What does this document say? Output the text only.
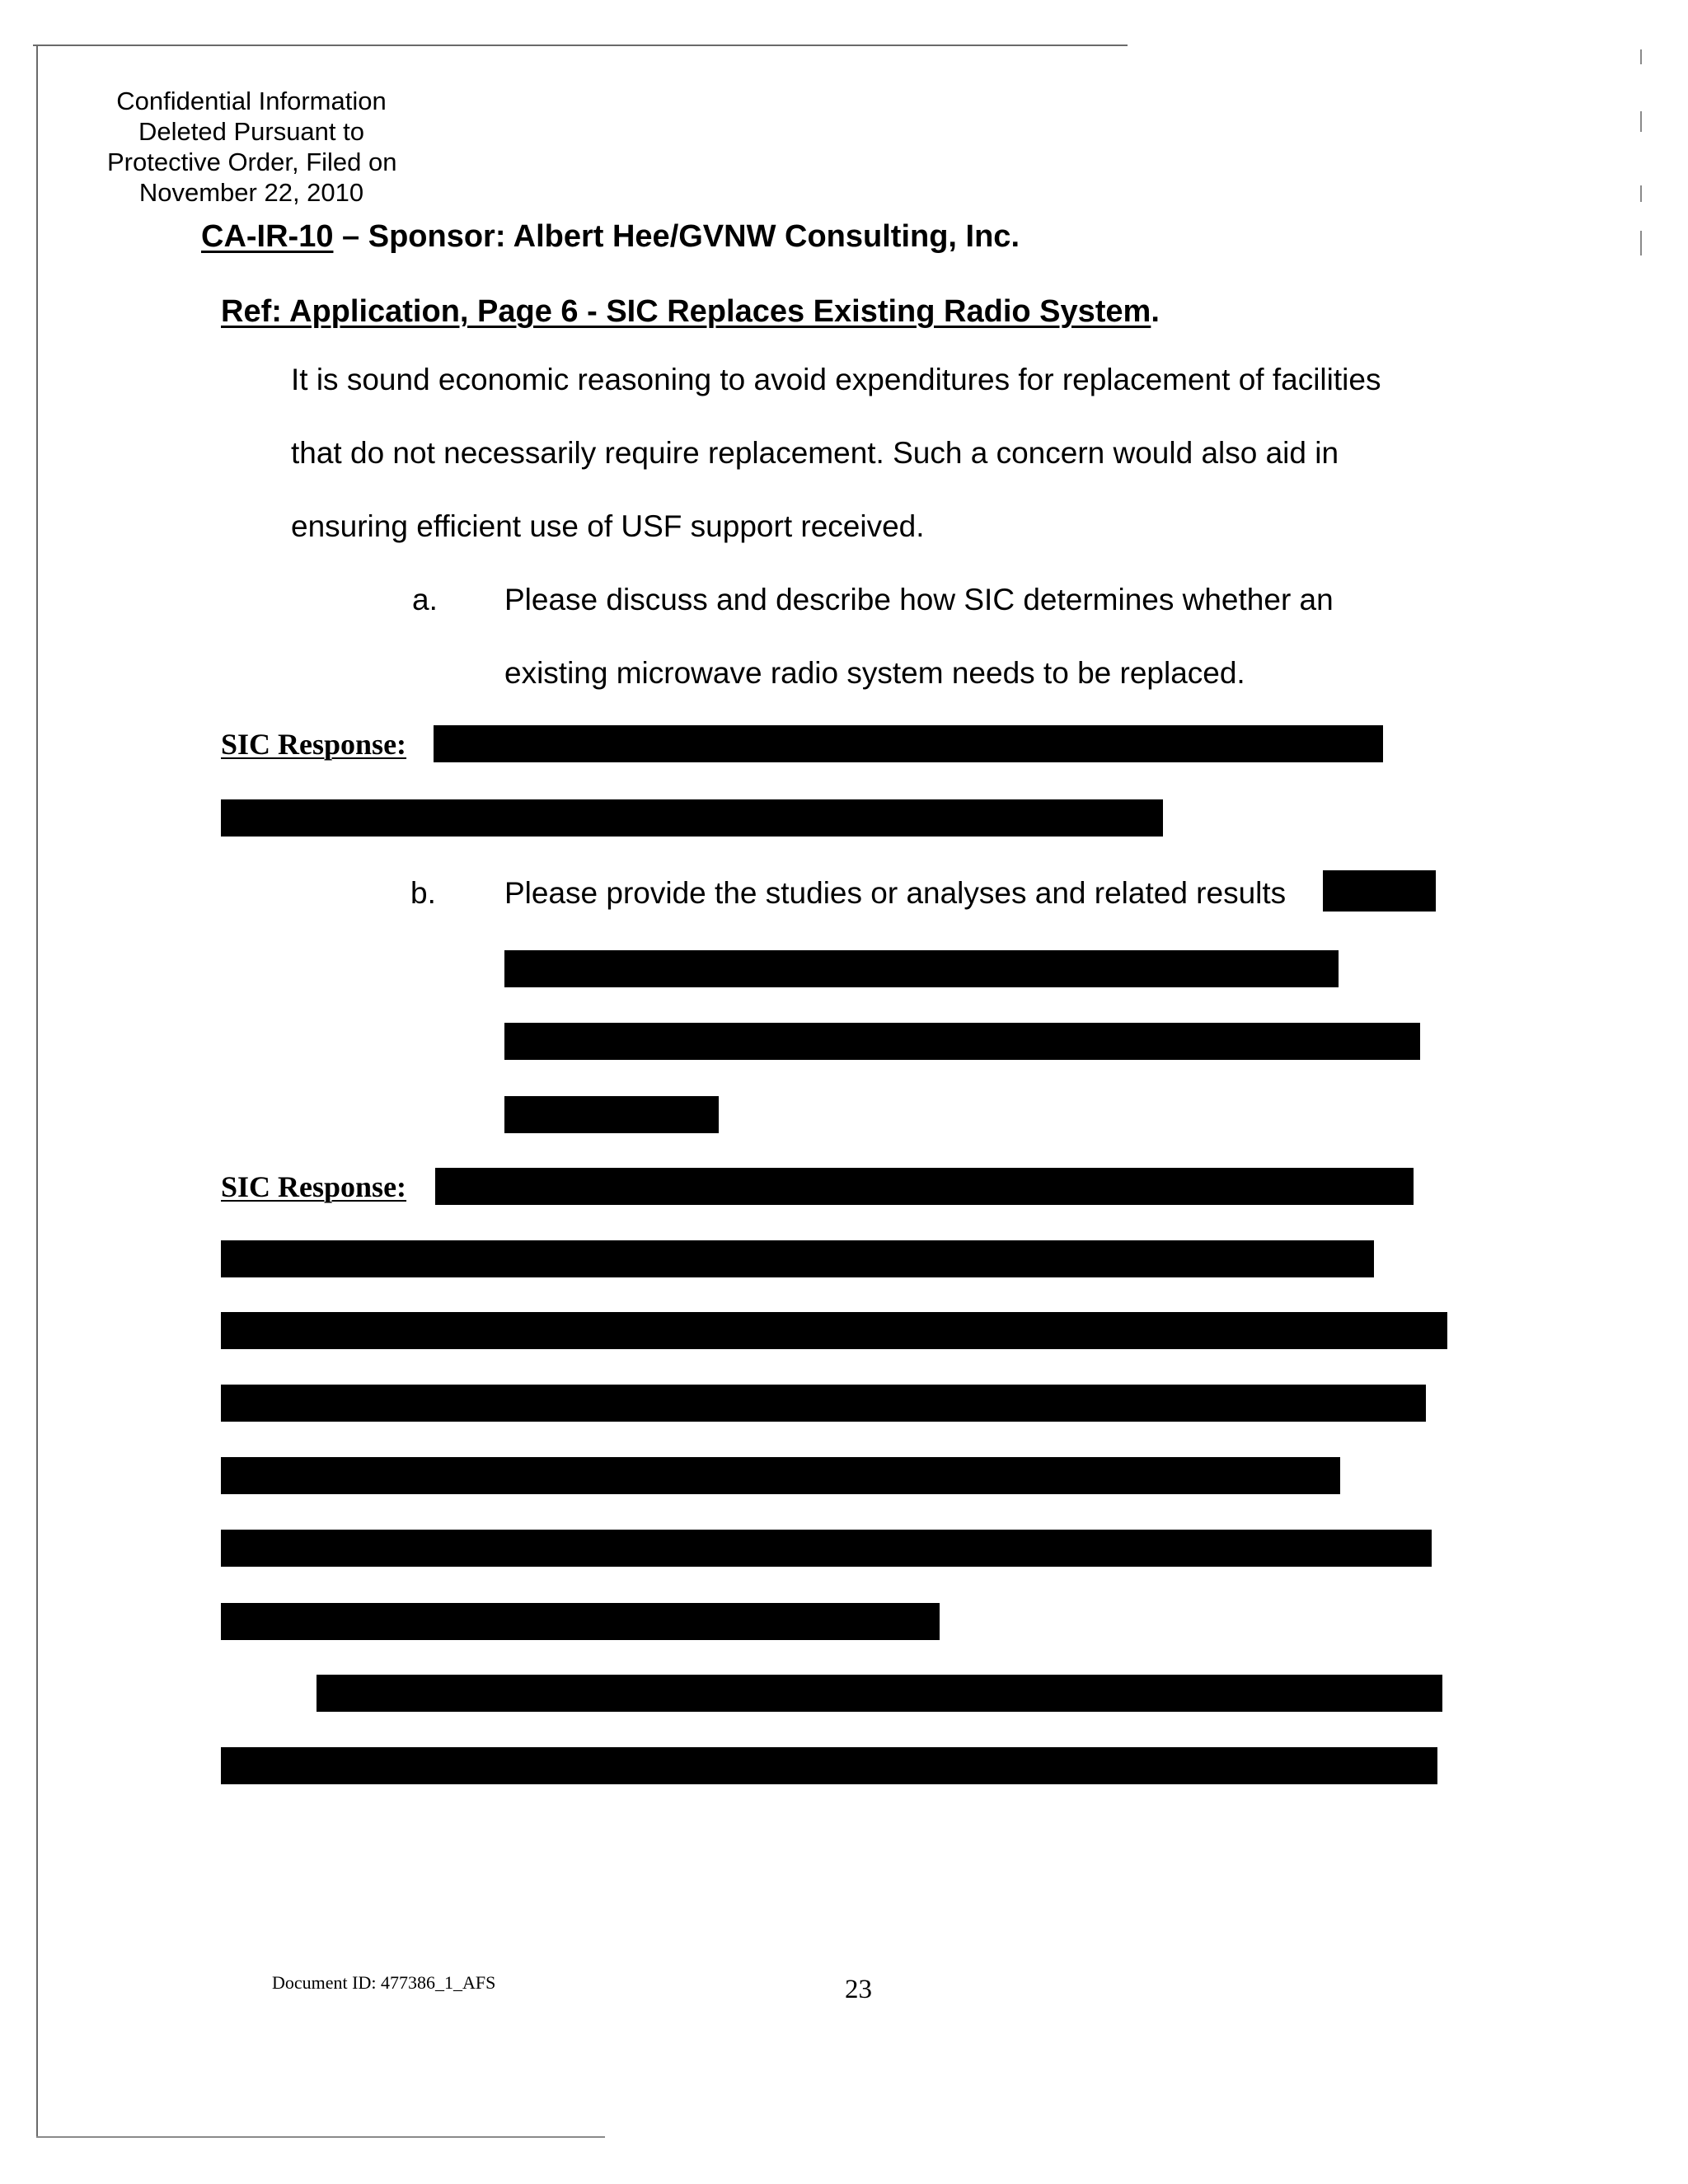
Confidential Information
Deleted Pursuant to
Protective Order, Filed on
November 22, 2010
CA-IR-10 – Sponsor: Albert Hee/GVNW Consulting, Inc.
Ref: Application, Page 6 - SIC Replaces Existing Radio System.
It is sound economic reasoning to avoid expenditures for replacement of facilities
that do not necessarily require replacement. Such a concern would also aid in
ensuring efficient use of USF support received.
a. Please discuss and describe how SIC determines whether an
existing microwave radio system needs to be replaced.
SIC Response:
b. Please provide the studies or analyses and related results
SIC Response:
Document ID: 477386_1_AFS	23
